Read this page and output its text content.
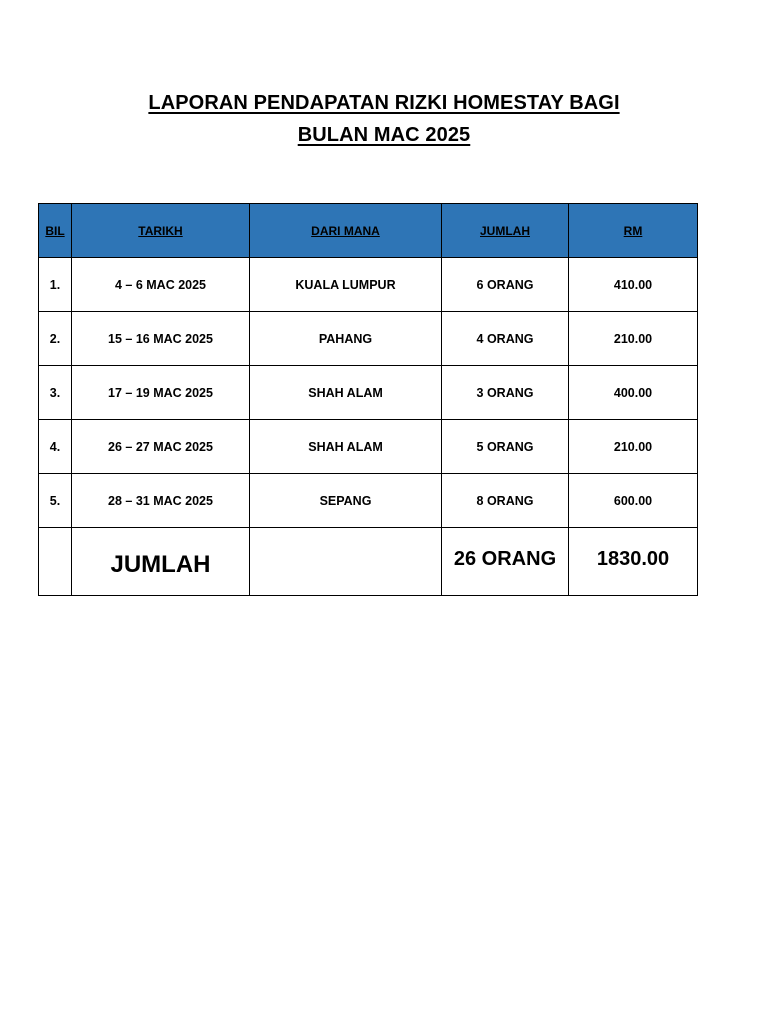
LAPORAN PENDAPATAN RIZKI HOMESTAY BAGI
BULAN MAC 2025
BIL	TARIKH	DARI MANA	JUMLAH	RM
1.	4 – 6 MAC 2025	KUALA LUMPUR	6 ORANG	410.00
2.	15 – 16 MAC 2025	PAHANG	4 ORANG	210.00
3.	17 – 19 MAC 2025	SHAH ALAM	3 ORANG	400.00
4.	26 – 27 MAC 2025	SHAH ALAM	5 ORANG	210.00
5.	28 – 31 MAC 2025	SEPANG	8 ORANG	600.00
	JUMLAH		26 ORANG	1830.00
